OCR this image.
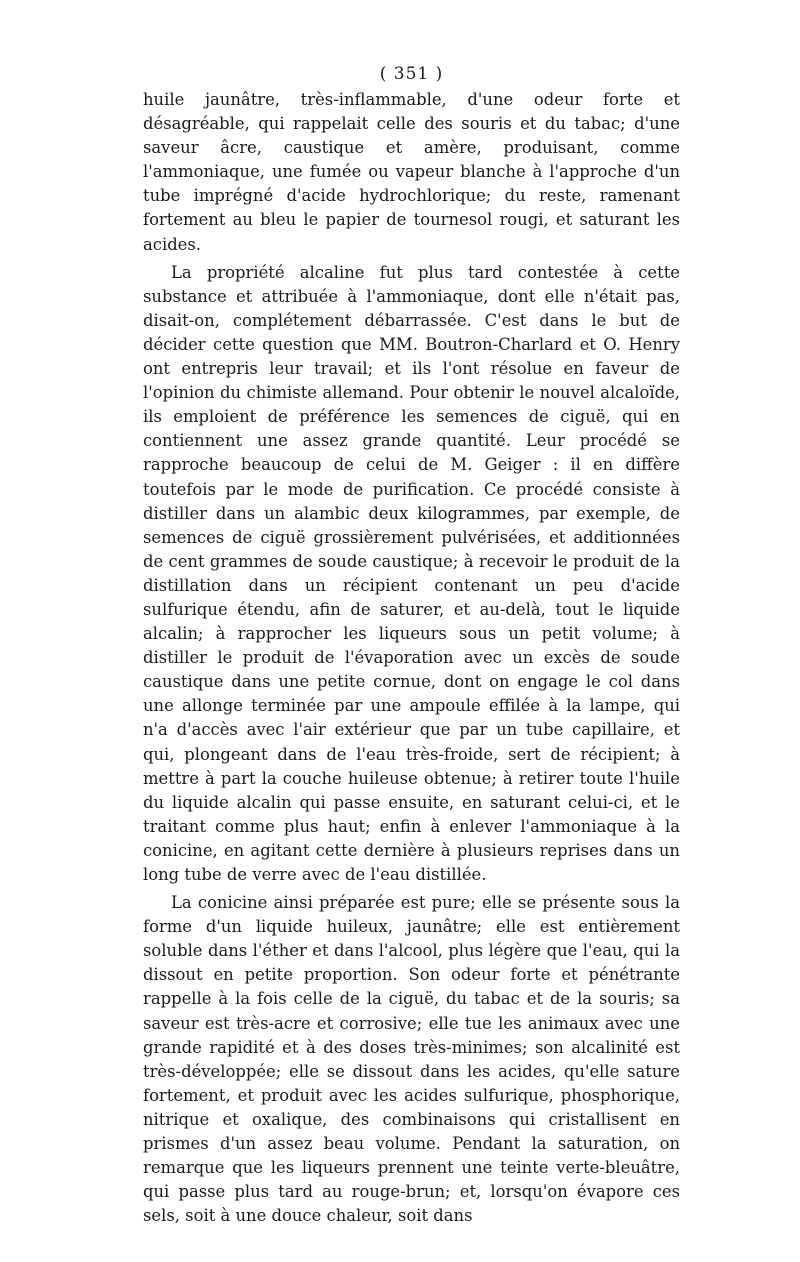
( 351 )

huile jaunâtre, très-inflammable, d'une odeur forte et désagréable, qui rappelait celle des souris et du tabac; d'une saveur âcre, caustique et amère, produisant, comme l'ammoniaque, une fumée ou vapeur blanche à l'approche d'un tube imprégné d'acide hydrochlorique; du reste, ramenant fortement au bleu le papier de tournesol rougi, et saturant les acides.

La propriété alcaline fut plus tard contestée à cette substance et attribuée à l'ammoniaque, dont elle n'était pas, disait-on, complétement débarrassée. C'est dans le but de décider cette question que MM. Boutron-Charlard et O. Henry ont entrepris leur travail; et ils l'ont résolue en faveur de l'opinion du chimiste allemand. Pour obtenir le nouvel alcaloïde, ils emploient de préférence les semences de ciguë, qui en contiennent une assez grande quantité. Leur procédé se rapproche beaucoup de celui de M. Geiger : il en diffère toutefois par le mode de purification. Ce procédé consiste à distiller dans un alambic deux kilogrammes, par exemple, de semences de ciguë grossièrement pulvérisées, et additionnées de cent grammes de soude caustique; à recevoir le produit de la distillation dans un récipient contenant un peu d'acide sulfurique étendu, afin de saturer, et au-delà, tout le liquide alcalin; à rapprocher les liqueurs sous un petit volume; à distiller le produit de l'évaporation avec un excès de soude caustique dans une petite cornue, dont on engage le col dans une allonge terminée par une ampoule effilée à la lampe, qui n'a d'accès avec l'air extérieur que par un tube capillaire, et qui, plongeant dans de l'eau très-froide, sert de récipient; à mettre à part la couche huileuse obtenue; à retirer toute l'huile du liquide alcalin qui passe ensuite, en saturant celui-ci, et le traitant comme plus haut; enfin à enlever l'ammoniaque à la conicine, en agitant cette dernière à plusieurs reprises dans un long tube de verre avec de l'eau distillée.

La conicine ainsi préparée est pure; elle se présente sous la forme d'un liquide huileux, jaunâtre; elle est entièrement soluble dans l'éther et dans l'alcool, plus légère que l'eau, qui la dissout en petite proportion. Son odeur forte et pénétrante rappelle à la fois celle de la ciguë, du tabac et de la souris; sa saveur est très-acre et corrosive; elle tue les animaux avec une grande rapidité et à des doses très-minimes; son alcalinité est très-développée; elle se dissout dans les acides, qu'elle sature fortement, et produit avec les acides sulfurique, phosphorique, nitrique et oxalique, des combinaisons qui cristallisent en prismes d'un assez beau volume. Pendant la saturation, on remarque que les liqueurs prennent une teinte verte-bleuâtre, qui passe plus tard au rouge-brun; et, lorsqu'on évapore ces sels, soit à une douce chaleur, soit dans
